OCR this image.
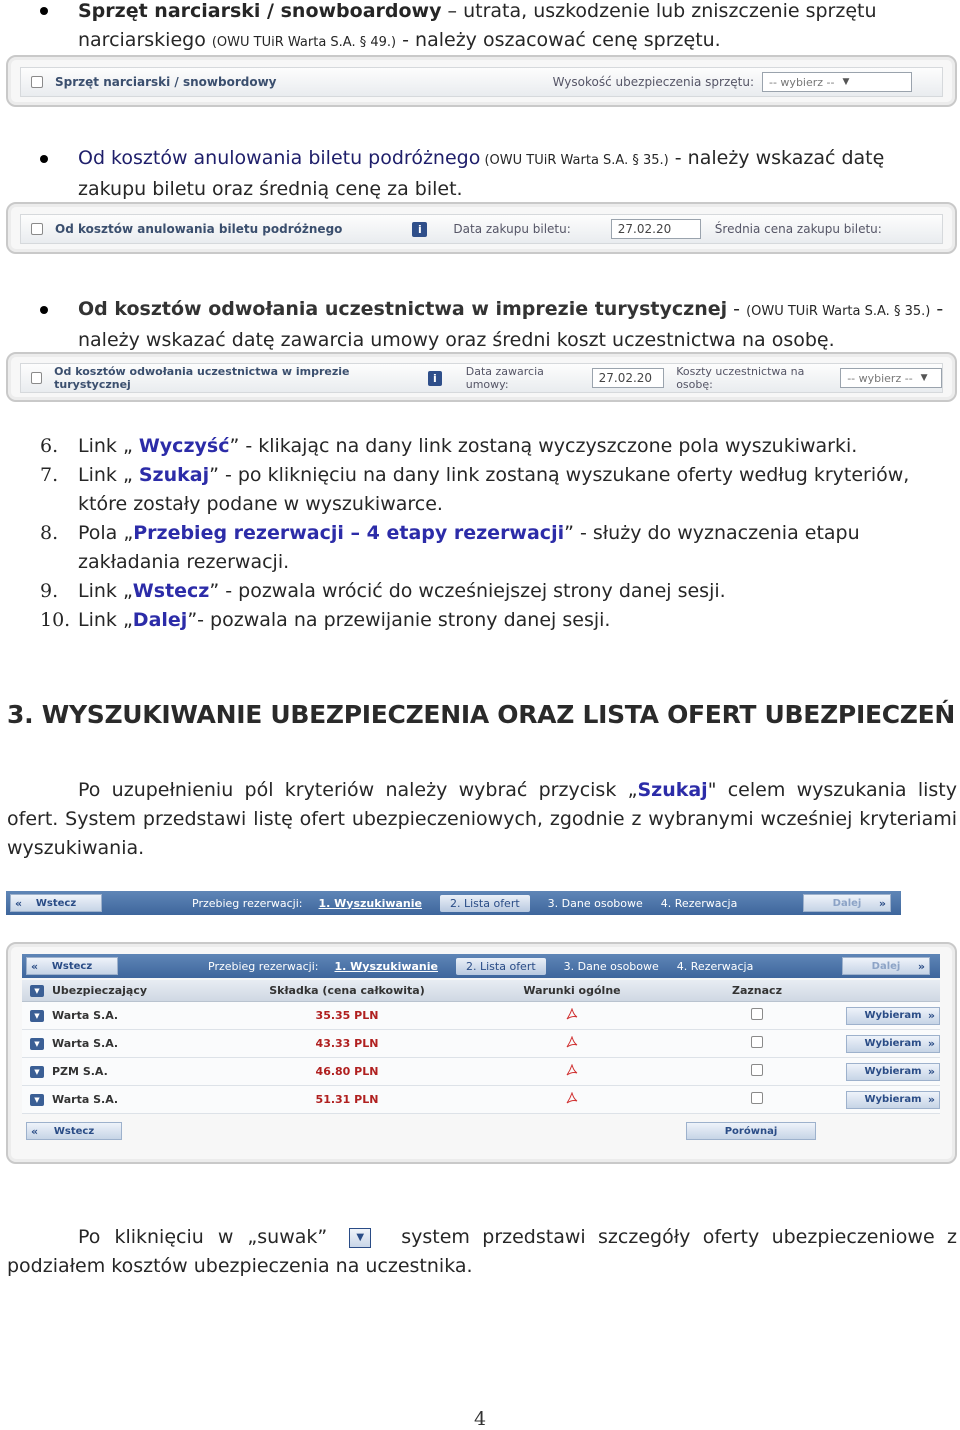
Sprzęt narciarski / snowboardowy – utrata, uszkodzenie lub zniszczenie sprzętu narciarskiego (OWU TUiR Warta S.A. § 49.) - należy oszacować cenę sprzętu.
Sprzęt narciarski / snowbordowy	Wysokość ubezpieczenia sprzętu: -- wybierz -- ▼
Od kosztów anulowania biletu podróżnego (OWU TUiR Warta S.A. § 35.) - należy wskazać datę zakupu biletu oraz średnią cenę za bilet.
Od kosztów anulowania biletu podróżnego	i	Data zakupu biletu:	27.02.20	Średnia cena zakupu biletu:
Od kosztów odwołania uczestnictwa w imprezie turystycznej - (OWU TUiR Warta S.A. § 35.) - należy wskazać datę zawarcia umowy oraz średni koszt uczestnictwa na osobę.
Od kosztów odwołania uczestnictwa w imprezie turystycznej	i	Data zawarcia umowy:	27.02.20 Koszty uczestnictwa na osobę:	-- wybierz -- ▼
6. Link „ Wyczyść” - klikając na dany link zostaną wyczyszczone pola wyszukiwarki.
7. Link „ Szukaj” - po kliknięciu na dany link zostaną wyszukane oferty według kryteriów, które zostały podane w wyszukiwarce.
8. Pola „Przebieg rezerwacji – 4 etapy rezerwacji” - służy do wyznaczenia etapu zakładania rezerwacji.
9. Link „Wstecz” - pozwala wrócić do wcześniejszej strony danej sesji.
10. Link „Dalej”- pozwala na przewijanie strony danej sesji.
3. WYSZUKIWANIE UBEZPIECZENIA ORAZ LISTA OFERT UBEZPIECZEŃ
Po uzupełnieniu pól kryteriów należy wybrać przycisk „Szukaj" celem wyszukania listy ofert. System przedstawi listę ofert ubezpieczeniowych, zgodnie z wybranymi wcześniej kryteriami wyszukiwania.
« Wstecz	Przebieg rezerwacji: 1. Wyszukiwanie	2. Lista ofert	3. Dane osobowe 4. Rezerwacja	Dalej »
« Wstecz	Przebieg rezerwacji: 1. Wyszukiwanie	2. Lista ofert	3. Dane osobowe 4. Rezerwacja	Dalej »
▼	Ubezpieczający	Składka (cena całkowita)	Warunki ogólne	Zaznacz
▼	Warta S.A.	35.35 PLN	Wybieram »
▼	Warta S.A.	43.33 PLN	Wybieram »
▼	PZM S.A.	46.80 PLN	Wybieram »
▼	Warta S.A.	51.31 PLN	Wybieram »
« Wstecz	Porównaj
Po kliknięciu w „suwak”	▼	system przedstawi szczegóły oferty ubezpieczeniowe z
podziałem kosztów ubezpieczenia na uczestnika.
4
